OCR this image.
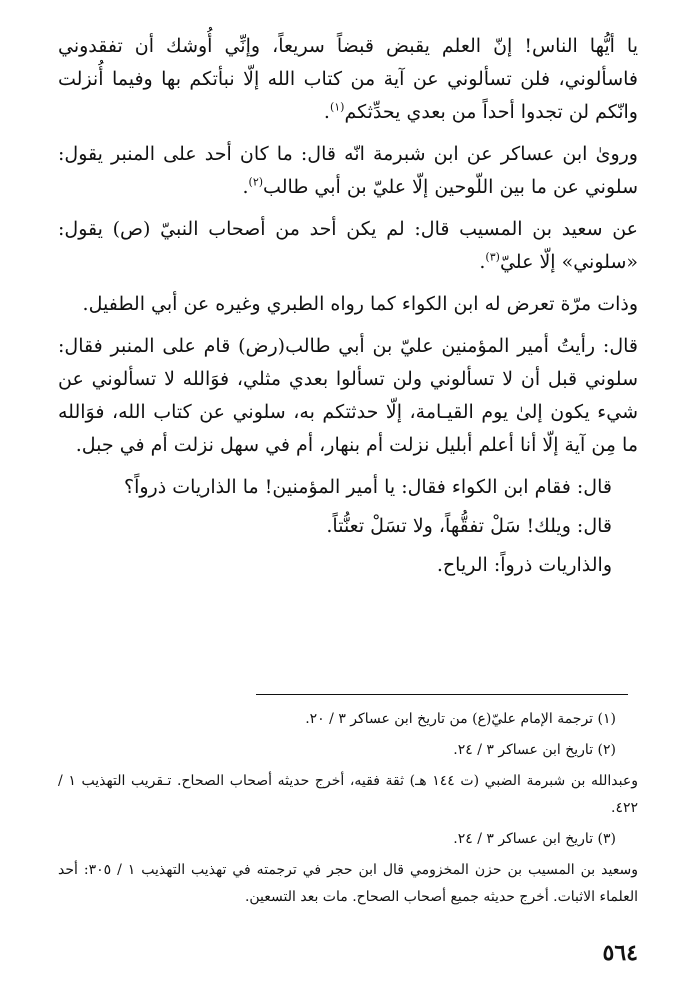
يا أيُّها الناس! إنّ العلم يقبض قبضاً سريعاً، وإنِّي أُوشك أن تفقدوني فاسألوني، فلن تسألوني عن آية من كتاب الله إلّا نبأتكم بها وفيما أُنزلت وانّكم لن تجدوا أحداً من بعدي يحدِّثكم$^{(١)}$.

وروىٰ ابن عساكر عن ابن شبرمة انّه قال: ما كان أحد على المنبر يقول: سلوني عن ما بين اللّوحين إلّا عليّ بن أبي طالب$^{(٢)}$.

عن سعيد بن المسيب قال: لم يكن أحد من أصحاب النبيّ (ص) يقول: «سلوني» إلّا عليّ$^{(٣)}$.

وذات مرّة تعرض له ابن الكواء كما رواه الطبري وغيره عن أبي الطفيل.

قال: رأيتُ أمير المؤمنين عليّ بن أبي طالب(رض) قام على المنبر فقال: سلوني قبل أن لا تسألوني ولن تسألوا بعدي مثلي، فوَالله لا تسألوني عن شيء يكون إلىٰ يوم القيـامة، إلّا حدثتكم به، سلوني عن كتاب الله، فوَالله ما مِن آية إلّا أنا أعلم أبليل نزلت أم بنهار، أم في سهل نزلت أم في جبل.

قال: فقام ابن الكواء فقال: يا أمير المؤمنين! ما الذاريات ذرواً؟

قال: ويلك! سَلْ تفقُّهاً، ولا تسَلْ تعنُّتاً.

والذاريات ذرواً: الرياح.

(١) ترجمة الإمام عليّ(ع) من تاريخ ابن عساكر ٣ / ٢٠.

(٢) تاريخ ابن عساكر ٣ / ٢٤.

وعبدالله بن شبرمة الضبي (ت ١٤٤ هـ) ثقة فقيه، أخرج حديثه أصحاب الصحاح. تـقريب التهذيب ١ / ٤٢٢.

(٣) تاريخ ابن عساكر ٣ / ٢٤.

وسعيد بن المسيب بن حزن المخزومي قال ابن حجر في ترجمته في تهذيب التهذيب ١ / ٣٠٥: أحد العلماء الاثبات. أخرج حديثه جميع أصحاب الصحاح. مات بعد التسعين.

٥٦٤
